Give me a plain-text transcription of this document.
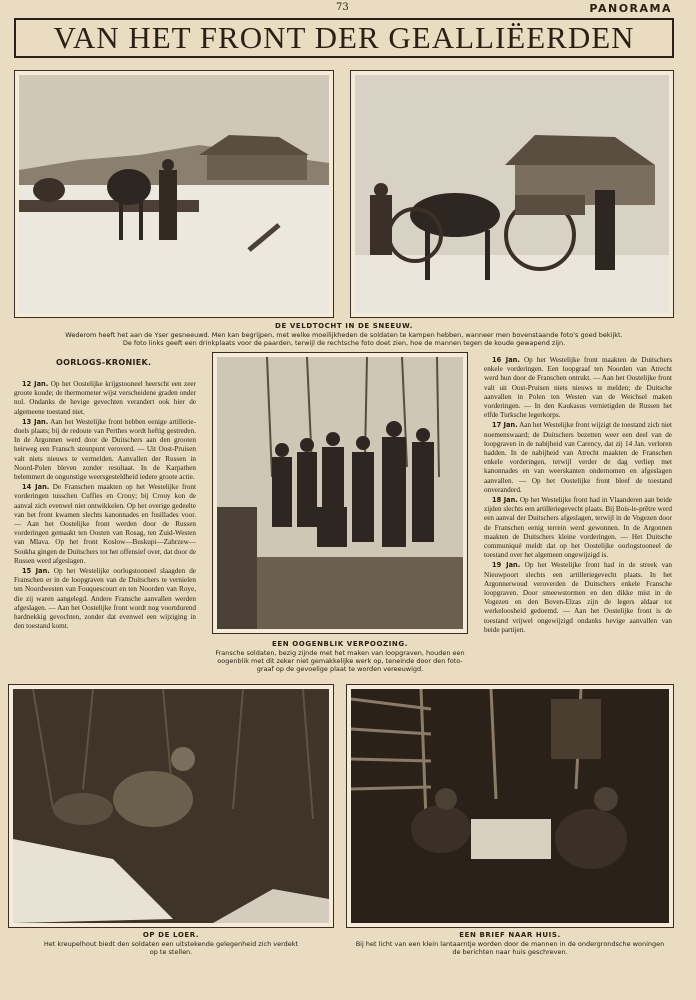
73	PANORAMA
VAN HET FRONT DER GEALLIËERDEN
DE VELDTOCHT IN DE SNEEUW.
Wederom heeft het aan de Yser gesneeuwd. Men kan begrijpen, met welke moeilijkheden de soldaten te kampen hebben, wanneer men bovenstaande foto's goed bekijkt.
De foto links geeft een drinkplaats voor de paarden, terwijl de rechtsche foto doet zien, hoe de mannen tegen de koude gewapend zijn.
OORLOGS-KRONIEK.

12 Jan. Op het Oostelijke krijgstooneel heerscht een zeer groote koude; de thermometer wijst verscheidene graden onder nul. Ondanks de hevige gevechten verandert ook hier de algemeene toestand niet.

13 Jan. Aan het Westelijke front hebben eenige artillerie-duels plaats; bij de redoute van Perthes wordt heftig gestreden. In de Argonnen werd door de Duitschers aan den grooten heirweg een Fransch steunpunt veroverd. — Uit Oost-Pruisen valt niets nieuws te vermelden. Aanvallen der Russen in Noord-Polen bleven zonder resultaat. In de Karpathen belemmert de ongunstige weersgesteldheid iedere groote actie.

14 Jan. De Franschen maakten op het Westelijke front vorderingen tusschen Cuffies en Crouy; bij Crouy kon de aanval zich evenwel niet ontwikkelen. Op het overige gedeelte van het front kwamen slechts kanonnades en fusillades voor. — Aan het Oostelijke front werden door de Russen vorderingen gemaakt ten Oosten van Rosag, ten Zuid-Westen van Mlava. Op het front Koslow—Buskupi—Zahrzew—Soukha gingen de Duitschers tot het offensief over, dat door de Russen werd afgeslagen.

15 Jan. Op het Westelijke oorlogstooneel slaagden de Franschen er in de loopgraven van de Duitschers te vernielen ten Noordwesten van Fouquescourt en ten Noorden van Roye, die zij waren aangelegd. Andere Fransche aanvallen werden afgeslagen. — Aan het Oostelijke front wordt nog voortdurend hardnekkig gevochten, zonder dat evenwel een wijziging in den toestand komt.

EEN OOGENBLIK VERPOOZING.
Fransche soldaten, bezig zijnde met het maken van loopgraven, houden een
oogenblik met dit zeker niet gemakkelijke werk op, teneinde door den foto-
graaf op de gevoelige plaat te worden vereeuwigd.

16 Jan. Op het Westelijke front maakten de Duitschers enkele vorderingen. Een loopgraaf ten Noorden van Atrecht werd hun door de Franschen ontrukt. — Aan het Oostelijke front valt uit Oost-Pruisen niets nieuws te melden; de Duitsche aanvallen in Polen ten Westen van de Weichsel maken vorderingen. — In den Kaukasus vernietigden de Russen het elfde Turksche legerkorps.

17 Jan. Aan het Westelijke front wijzigt de toestand zich niet noemenswaard; de Duitschers bezetten weer een deel van de loopgraven in de nabijheid van Carency, dat zij 14 Jan. verloren hadden. In de nabijheid van Atrecht maakten de Franschen enkele vorderingen, terwijl verder de dag verliep met kanonnades en van weerskanten ondernomen en afgeslagen aanvallen. — Op het Oostelijke front bleef de toestand onveranderd.

18 Jan. Op het Westelijke front had in Vlaanderen aan beide zijden slechts een artilleriegevecht plaats. Bij Bois-le-prêtre werd een aanval der Duitschers afgeslagen, terwijl in de Vogezen door de Franschen eenig terrein werd gewonnen. In de Argonnen maakten de Duitschers kleine vorderingen. — Het Duitsche communiqué meldt dat op het Oostelijke oorlogstooneel de toestand over het algemeen ongewijzigd is.

19 Jan. Op het Westelijke front had in de streek van Nieuwpoort slechts een artilleriegevecht plaats. In het Argonnerwoud veroverden de Duitschers enkele Fransche loopgraven. Door smeewstormen en den dikke mist in de Vogezen en den Boven-Elzas zijn de legers aldaar tot werkeloosheid gedoemd. — Aan het Oostelijke front is de toestand vrijwel ongewijzigd ondanks hevige aanvallen van beide partijen.

OP DE LOER.
Het kreupelhout biedt den soldaten een uitstekende gelegenheid zich verdekt
op te stellen.
EEN BRIEF NAAR HUIS.
Bij het licht van een klein lantaarntje worden door de mannen in de ondergrondsche woningen
de berichten naar huis geschreven.
